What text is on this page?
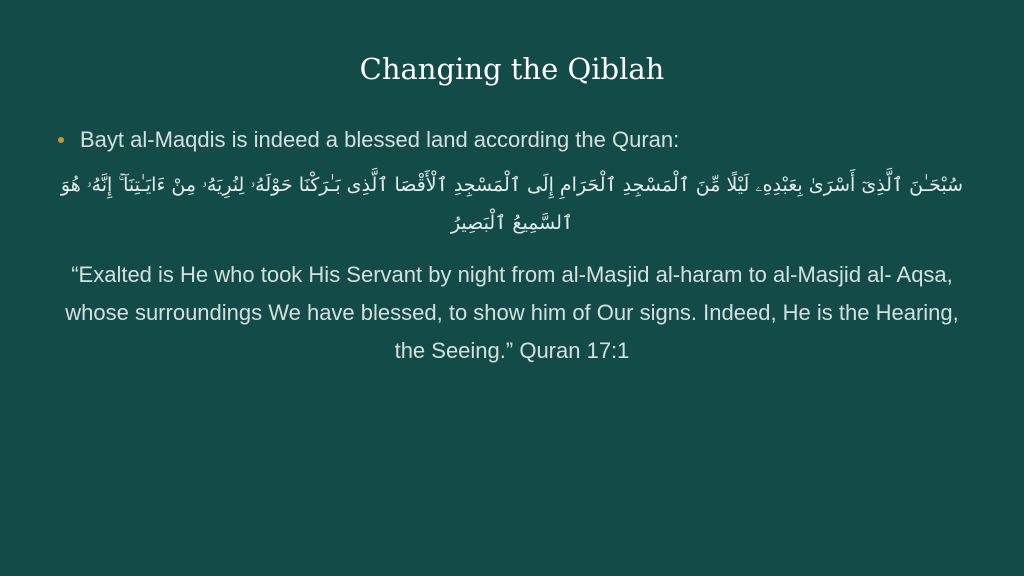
Changing the Qiblah
Bayt al-Maqdis is indeed a blessed land according the Quran:
سُبْحَـٰنَ ٱلَّذِىٓ أَسْرَىٰ بِعَبْدِهِۦ لَيْلًا مِّنَ ٱلْمَسْجِدِ ٱلْحَرَامِ إِلَى ٱلْمَسْجِدِ ٱلْأَقْصَا ٱلَّذِى بَـٰرَكْنَا حَوْلَهُۥ لِنُرِيَهُۥ مِنْ ءَايَـٰتِنَآ ۚ إِنَّهُۥ هُوَ ٱلسَّمِيعُ ٱلْبَصِيرُ
“Exalted is He who took His Servant by night from al-Masjid al-haram to al-Masjid al- Aqsa, whose surroundings We have blessed, to show him of Our signs. Indeed, He is the Hearing, the Seeing.” Quran 17:1
